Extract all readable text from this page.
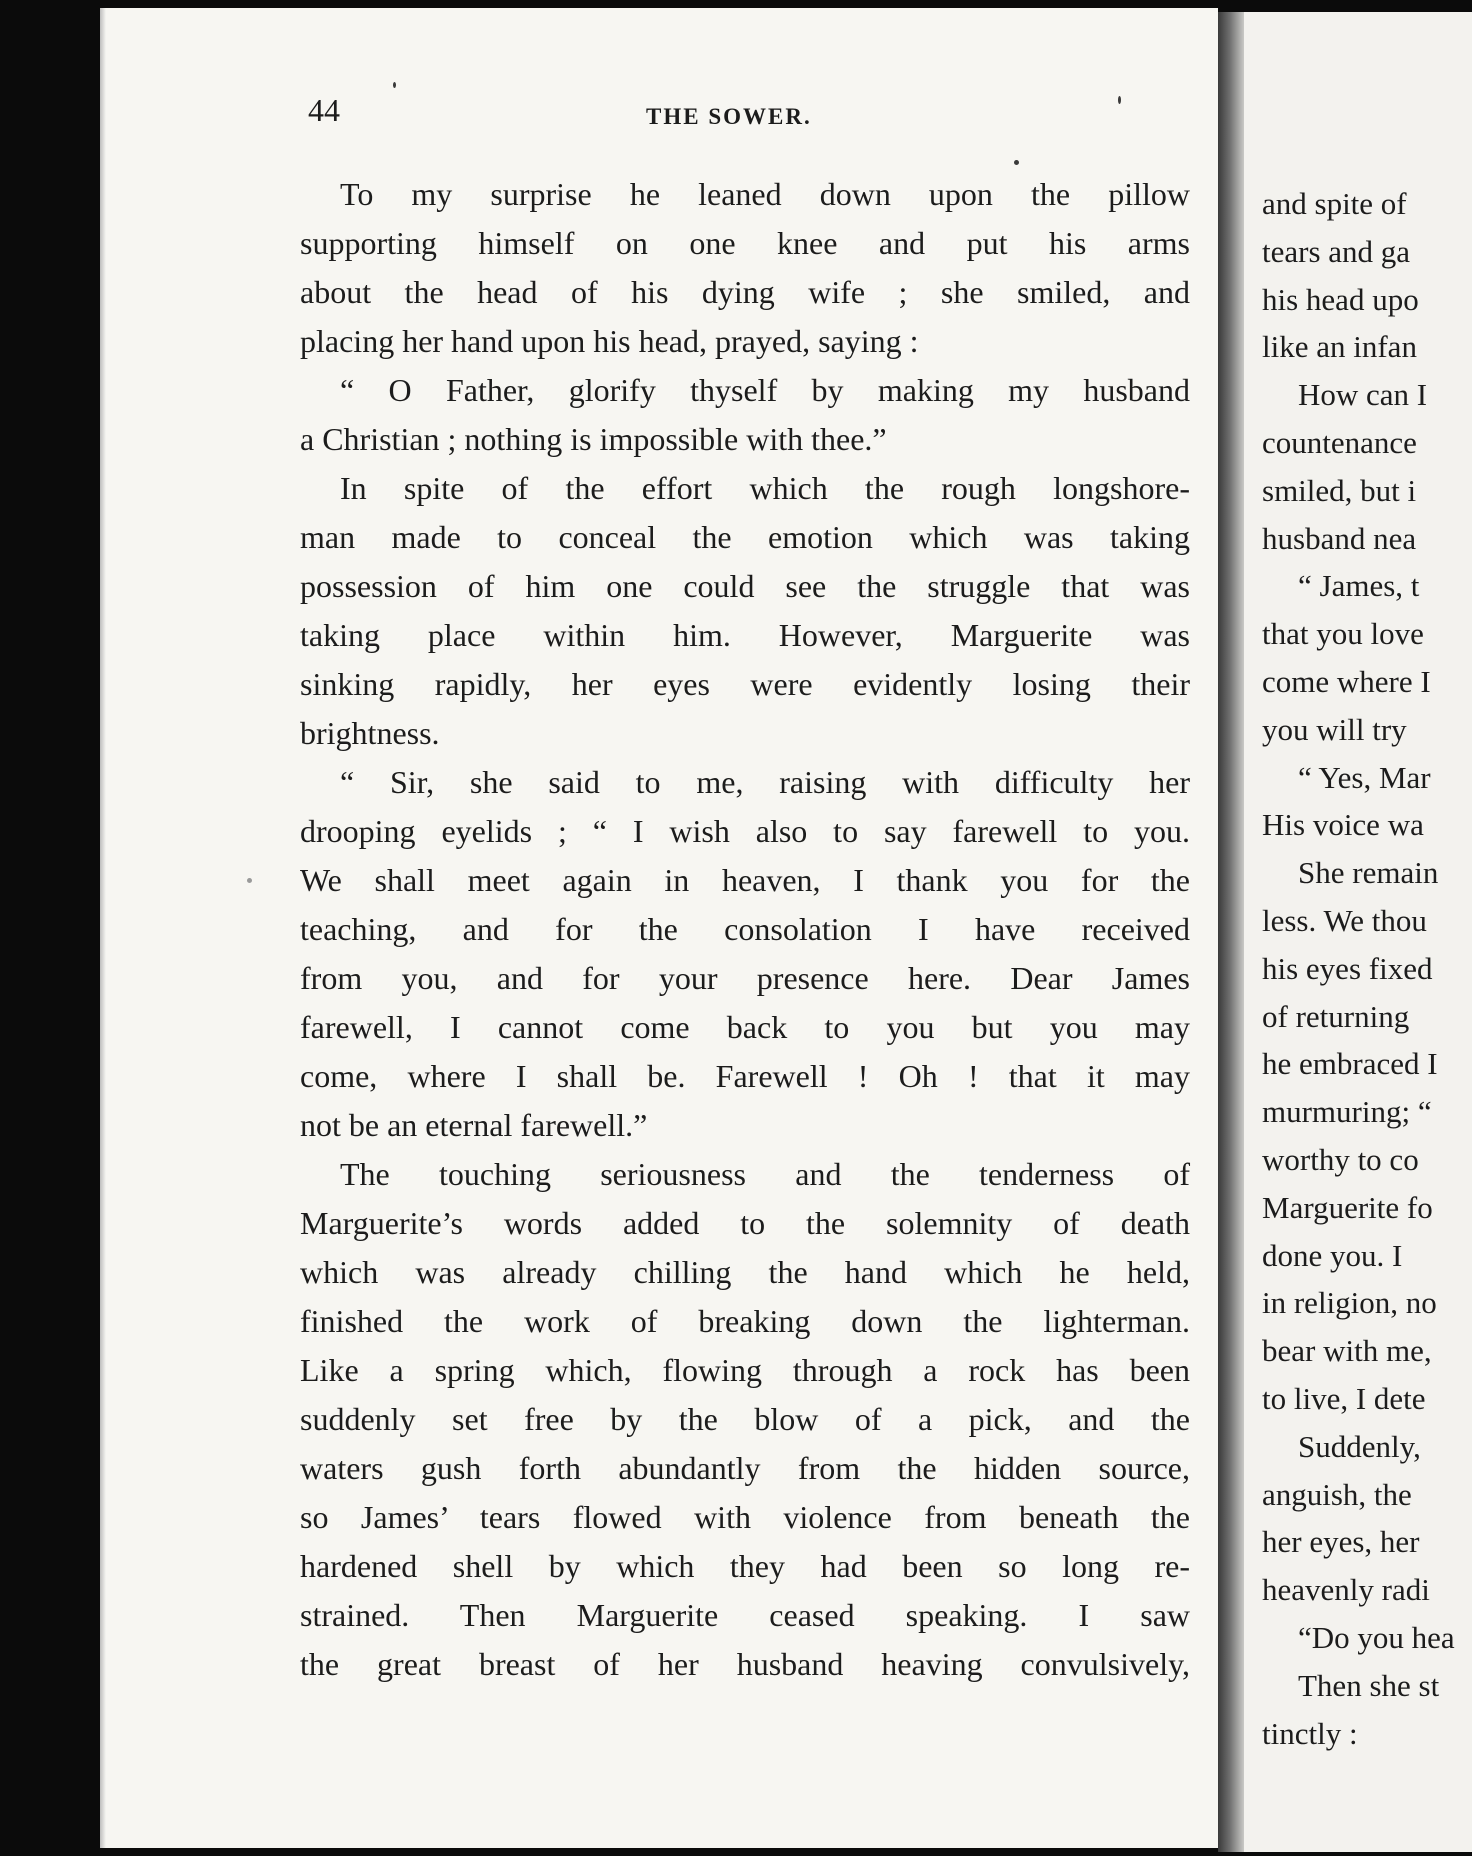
44	THE SOWER.
To my surprise he leaned down upon the pillow
supporting himself on one knee and put his arms
about the head of his dying wife ; she smiled, and
placing her hand upon his head, prayed, saying :
“ O Father, glorify thyself by making my husband
a Christian ; nothing is impossible with thee.”
In spite of the effort which the rough longshore-
man made to conceal the emotion which was taking
possession of him one could see the struggle that was
taking place within him. However, Marguerite was
sinking rapidly, her eyes were evidently losing their
brightness.
“ Sir, she said to me, raising with difficulty her
drooping eyelids ; “ I wish also to say farewell to you.
We shall meet again in heaven, I thank you for the
teaching, and for the consolation I have received
from you, and for your presence here. Dear James
farewell, I cannot come back to you but you may
come, where I shall be. Farewell ! Oh ! that it may
not be an eternal farewell.”
The touching seriousness and the tenderness of
Marguerite’s words added to the solemnity of death
which was already chilling the hand which he held,
finished the work of breaking down the lighterman.
Like a spring which, flowing through a rock has been
suddenly set free by the blow of a pick, and the
waters gush forth abundantly from the hidden source,
so James’ tears flowed with violence from beneath the
hardened shell by which they had been so long re-
strained. Then Marguerite ceased speaking. I saw
the great breast of her husband heaving convulsively,
and spite of
tears and ga
his head upo
like an infan
How can I
countenance
smiled, but i
husband nea
“ James, t
that you love
come where I
you will try
“ Yes, Mar
His voice wa
She remain
less. We thou
his eyes fixed
of returning
he embraced I
murmuring; “
worthy to co
Marguerite fo
done you. I
in religion, no
bear with me,
to live, I dete
Suddenly,
anguish, the
her eyes, her
heavenly radi
“Do you hea
Then she st
tinctly :
